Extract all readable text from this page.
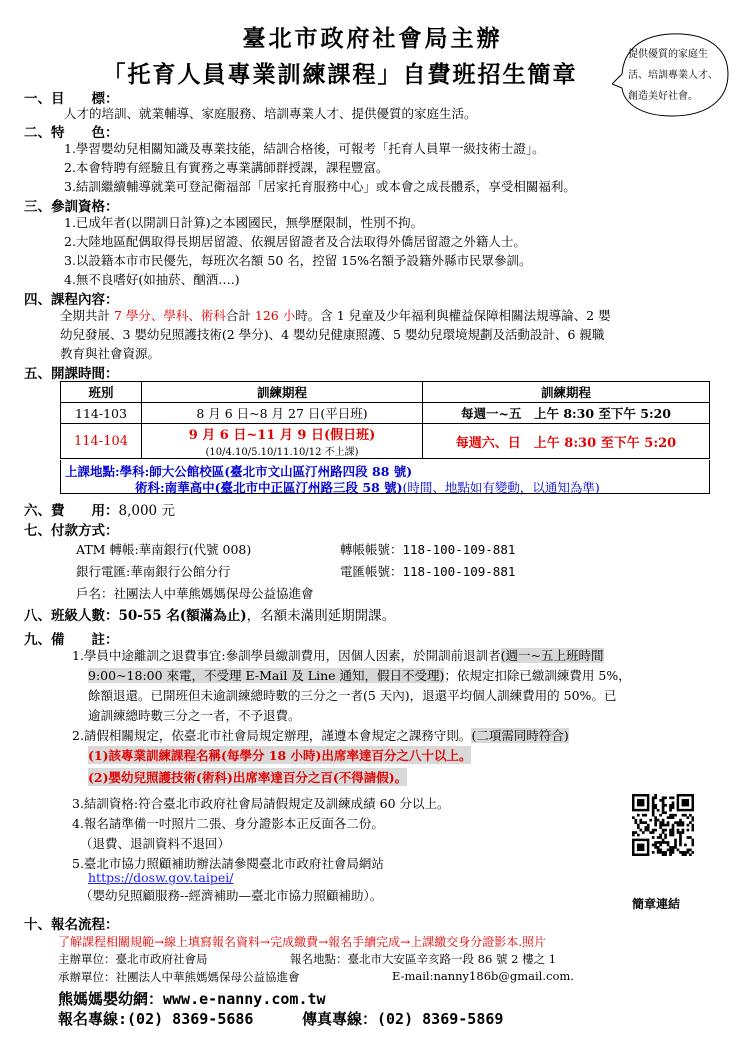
臺北市政府社會局主辦
「托育人員專業訓練課程」自費班招生簡章
提供優質的家庭生
活、培訓專業人才、
創造美好社會。
一、目　　標：
人才的培訓、就業輔導、家庭服務、培訓專業人才、提供優質的家庭生活。
二、特　　色：
1.學習嬰幼兒相關知識及專業技能，結訓合格後，可報考「托育人員單一級技術士證」。
2.本會特聘有經驗且有實務之專業講師群授課，課程豐富。
3.結訓繼續輔導就業可登記衛福部「居家托育服務中心」或本會之成長體系，享受相關福利。
三、參訓資格：
1.已成年者(以開訓日計算)之本國國民，無學歷限制，性別不拘。
2.大陸地區配偶取得長期居留證、依親居留證者及合法取得外僑居留證之外籍人士。
3.以設籍本市市民優先，每班次名額 50 名，控留 15%名額予設籍外縣市民眾參訓。
4.無不良嗜好(如抽菸、酗酒….)
四、課程內容：
全期共計 7 學分、學科、術科合計 126 小時。含 1 兒童及少年福利與權益保障相關法規導論、2 嬰
幼兒發展、3 嬰幼兒照護技術(2 學分)、4 嬰幼兒健康照護、5 嬰幼兒環境規劃及活動設計、6 親職
教育與社會資源。
五、開課時間：
班別	訓練期程	訓練期程
114-103	8 月 6 日~8 月 27 日(平日班)	每週一~五　上午 8:30 至下午 5:20
114-104	9 月 6 日~11 月 9 日(假日班)
(10/4.10/5.10/11.10/12 不上課)	每週六、日　上午 8:30 至下午 5:20
上課地點:學科:師大公館校區(臺北市文山區汀州路四段 88 號)
術科:南華高中(臺北市中正區汀州路三段 58 號)(時間、地點如有變動，以通知為準)
六、費　　用：8,000 元
七、付款方式：
ATM 轉帳:華南銀行(代號 008)	轉帳帳號：118-100-109-881
銀行電匯:華南銀行公館分行	電匯帳號：118-100-109-881
戶名：社團法人中華熊媽媽保母公益協進會
八、班級人數：50-55 名(額滿為止)，名額未滿則延期開課。
九、備　　註：
1.學員中途離訓之退費事宜:參訓學員繳訓費用，因個人因素，於開訓前退訓者(週一~五上班時間
9:00~18:00 來電，不受理 E-Mail 及 Line 通知，假日不受理)；依規定扣除已繳訓練費用 5%，
餘額退還。已開班但未逾訓練總時數的三分之一者(5 天內)，退還平均個人訓練費用的 50%。已
逾訓練總時數三分之一者，不予退費。
2.請假相關規定，依臺北市社會局規定辦理，謹遵本會規定之課務守則。(二項需同時符合)
(1)該專業訓練課程名稱(每學分 18 小時)出席率達百分之八十以上。
(2)嬰幼兒照護技術(術科)出席率達百分之百(不得請假)。
3.結訓資格:符合臺北市政府社會局請假規定及訓練成績 60 分以上。
4.報名請準備一吋照片二張、身分證影本正反面各二份。
（退費、退訓資料不退回）
5.臺北市協力照顧補助辦法請參閱臺北市政府社會局網站
https://dosw.gov.taipei/
（嬰幼兒照顧服務--經濟補助—臺北市協力照顧補助）。
簡章連結
十、報名流程：
了解課程相關規範→線上填寫報名資料→完成繳費→報名手續完成→上課繳交身分證影本.照片
主辦單位：臺北市政府社會局	報名地點：臺北市大安區辛亥路一段 86 號 2 樓之 1
承辦單位：社團法人中華熊媽媽保母公益協進會	E-mail:nanny186b@gmail.com.
熊媽媽嬰幼網：www.e-nanny.com.tw
報名專線:(02) 8369-5686	傳真專線：(02) 8369-5869
